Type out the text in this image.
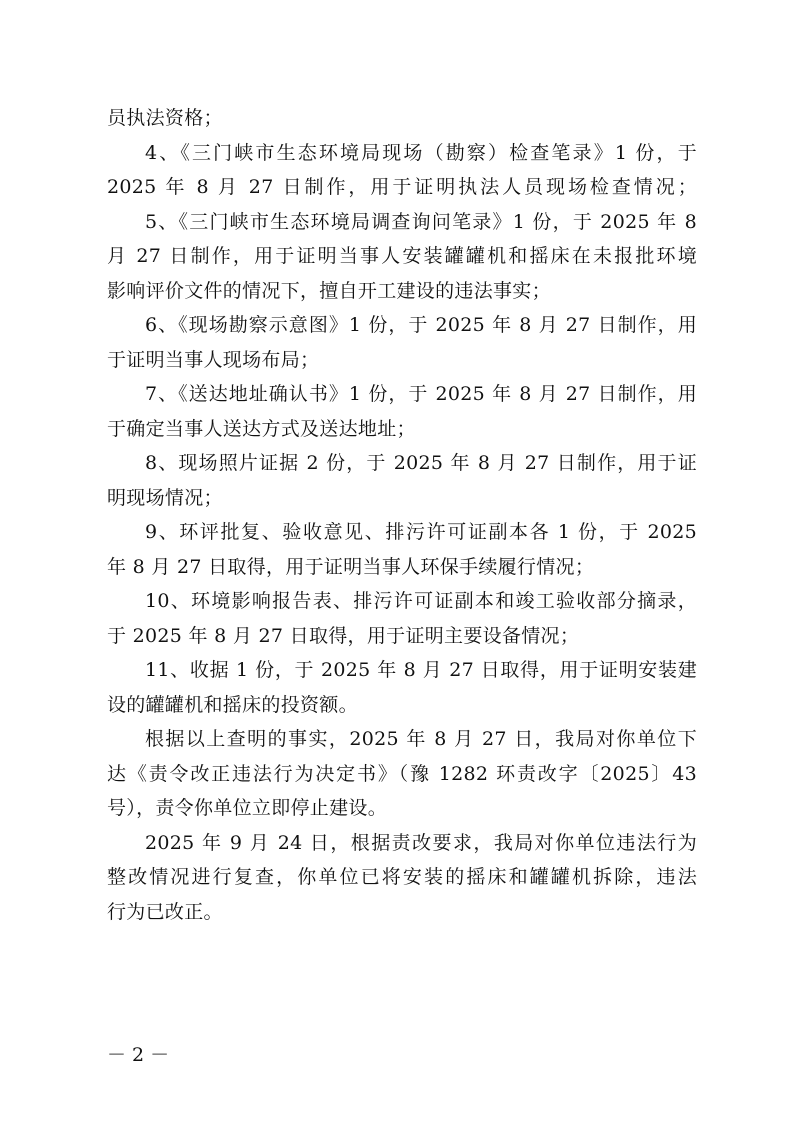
员执法资格；
4、《三门峡市生态环境局现场（勘察）检查笔录》1 份，于
2025 年 8 月 27 日制作，用于证明执法人员现场检查情况；
5、《三门峡市生态环境局调查询问笔录》1 份，于 2025 年 8
月 27 日制作，用于证明当事人安装罐罐机和摇床在未报批环境
影响评价文件的情况下，擅自开工建设的违法事实；
6、《现场勘察示意图》1 份，于 2025 年 8 月 27 日制作，用
于证明当事人现场布局；
7、《送达地址确认书》1 份，于 2025 年 8 月 27 日制作，用
于确定当事人送达方式及送达地址；
8、现场照片证据 2 份，于 2025 年 8 月 27 日制作，用于证
明现场情况；
9、环评批复、验收意见、排污许可证副本各 1 份，于 2025
年 8 月 27 日取得，用于证明当事人环保手续履行情况；
10、环境影响报告表、排污许可证副本和竣工验收部分摘录，
于 2025 年 8 月 27 日取得，用于证明主要设备情况；
11、收据 1 份，于 2025 年 8 月 27 日取得，用于证明安装建
设的罐罐机和摇床的投资额。
根据以上查明的事实，2025 年 8 月 27 日，我局对你单位下
达《责令改正违法行为决定书》（豫 1282 环责改字〔2025〕43
号），责令你单位立即停止建设。
2025 年 9 月 24 日，根据责改要求，我局对你单位违法行为
整改情况进行复查，你单位已将安装的摇床和罐罐机拆除，违法
行为已改正。
－ 2 －
